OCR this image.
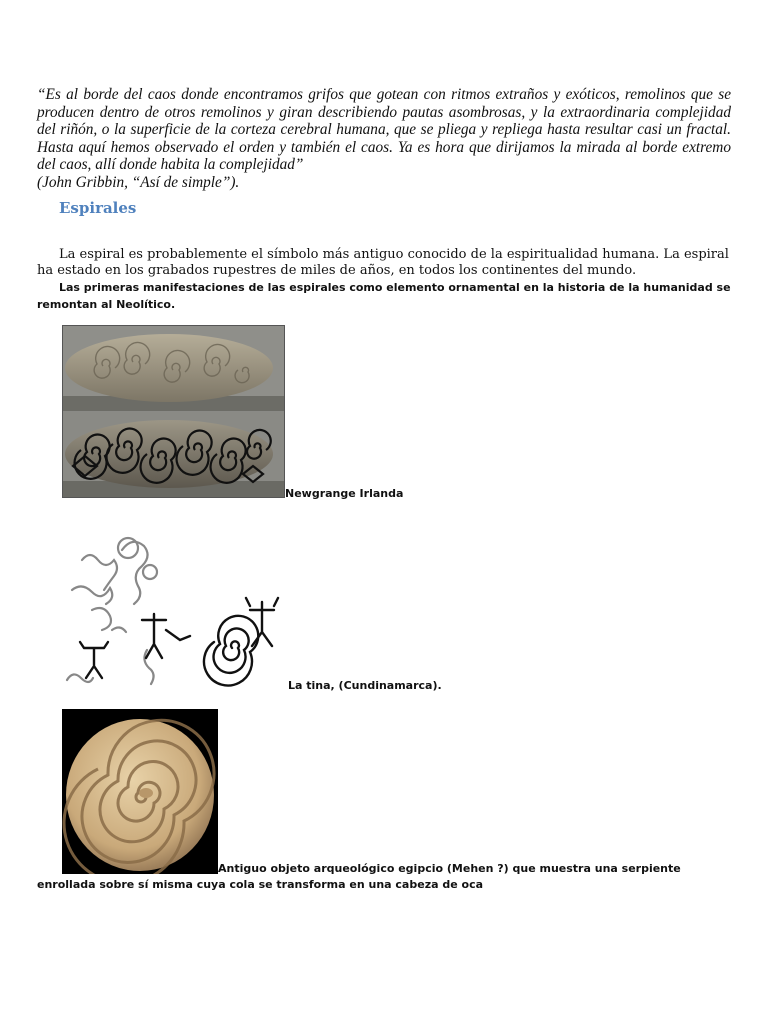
“Es al borde del caos donde encontramos grifos que gotean con ritmos extraños y exóticos, remolinos que se producen dentro de otros remolinos y giran describiendo pautas asombrosas, y la extraordinaria complejidad del riñón, o la superficie de la corteza cerebral humana, que se pliega y repliega hasta resultar casi un fractal. Hasta aquí hemos observado el orden y también el caos. Ya es hora que dirijamos la mirada al borde extremo del caos, allí donde habita la complejidad”
(John Gribbin, “Así de simple”).

Espirales

La espiral es probablemente el símbolo más antiguo conocido de la espiritualidad humana. La espiral ha estado en los grabados rupestres de miles de años, en todos los continentes del mundo.

Las primeras manifestaciones de las espirales como elemento ornamental en la historia de la humanidad se remontan al Neolítico.

Newgrange Irlanda

La tina, (Cundinamarca).

Antiguo objeto arqueológico egipcio (Mehen ?) que muestra una serpiente enrollada sobre sí misma cuya cola se transforma en una cabeza de oca
